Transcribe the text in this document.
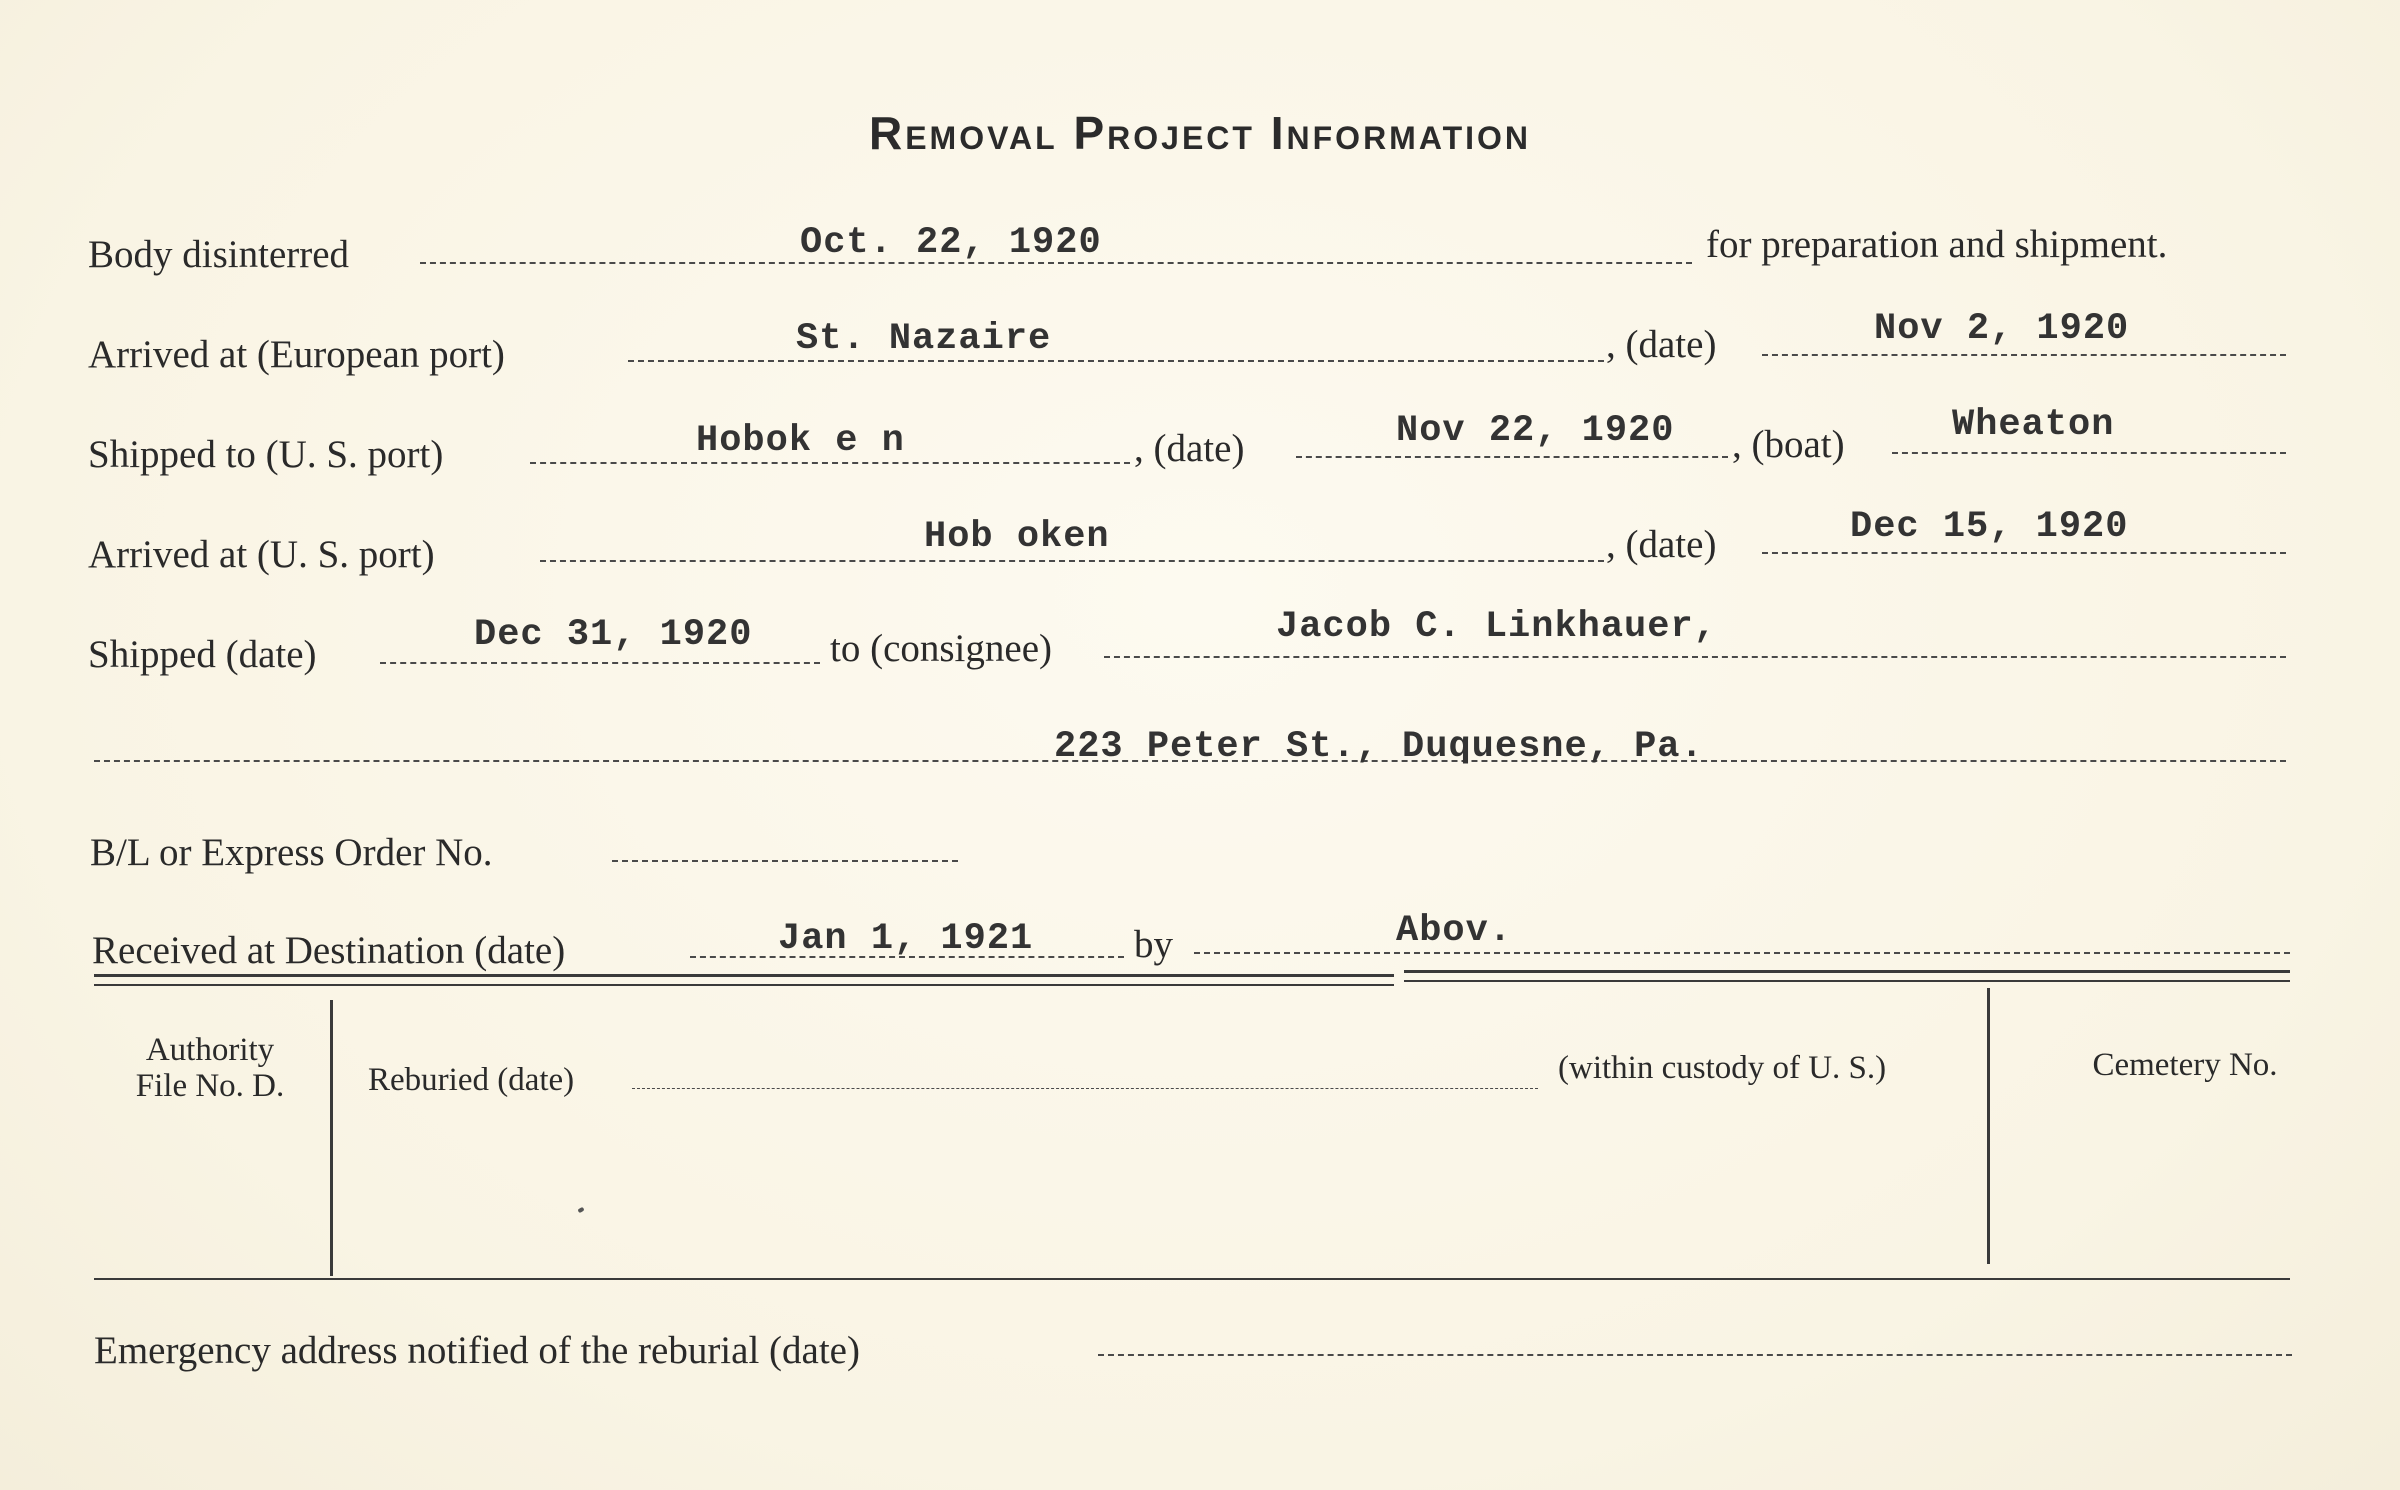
Removal Project Information
Body disinterred	Oct. 22, 1920	for preparation and shipment.
Arrived at (European port)	St. Nazaire	, (date)	Nov 2, 1920
Shipped to (U. S. port)	Hobok e n	, (date)	Nov 22, 1920 , (boat)	Wheaton
Arrived at (U. S. port)	Hob oken	, (date)	Dec 15, 1920
Shipped (date)	Dec 31, 1920 to (consignee)	Jacob C. Linkhauer,
223 Peter St., Duquesne, Pa.
B/L or Express Order No.
Received at Destination (date)	Jan 1, 1921	by	Abov.
Authority
File No. D.	Reburied (date)	(within custody of U. S.)	Cemetery No.
Emergency address notified of the reburial (date)
